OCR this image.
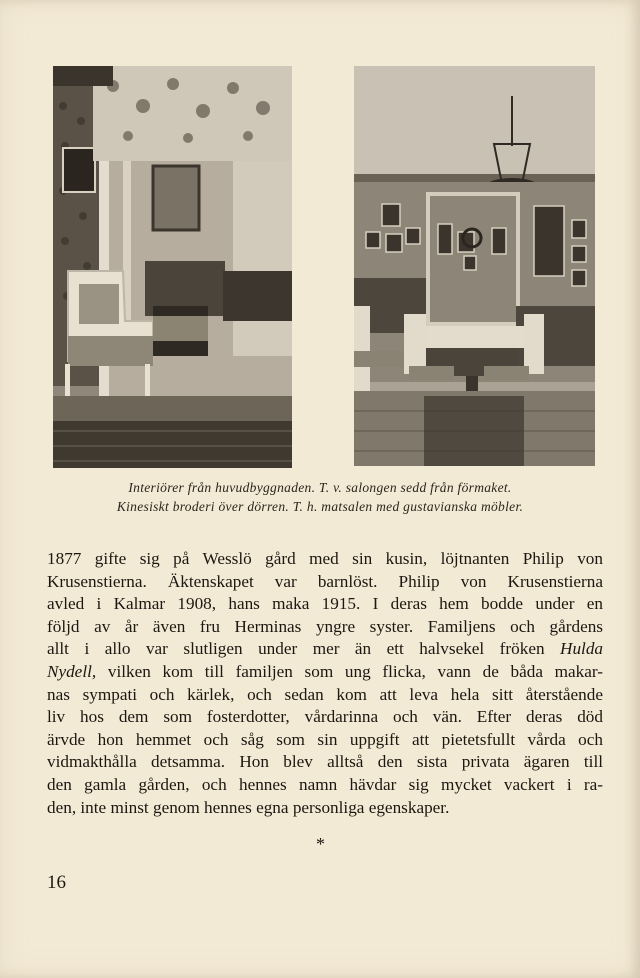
Interiörer från huvudbyggnaden. T. v. salongen sedd från förmaket.
Kinesiskt broderi över dörren. T. h. matsalen med gustavianska möbler.
1877 gifte sig på Wesslö gård med sin kusin, löjtnanten Philip von
Krusenstierna. Äktenskapet var barnlöst. Philip von Krusenstierna
avled i Kalmar 1908, hans maka 1915. I deras hem bodde under en
följd av år även fru Herminas yngre syster. Familjens och gårdens
allt i allo var slutligen under mer än ett halvsekel fröken Hulda
Nydell, vilken kom till familjen som ung flicka, vann de båda makar-
nas sympati och kärlek, och sedan kom att leva hela sitt återstående
liv hos dem som fosterdotter, vårdarinna och vän. Efter deras död
ärvde hon hemmet och såg som sin uppgift att pietetsfullt vårda och
vidmakthålla detsamma. Hon blev alltså den sista privata ägaren till
den gamla gården, och hennes namn hävdar sig mycket vackert i ra-
den, inte minst genom hennes egna personliga egenskaper.
*
16
